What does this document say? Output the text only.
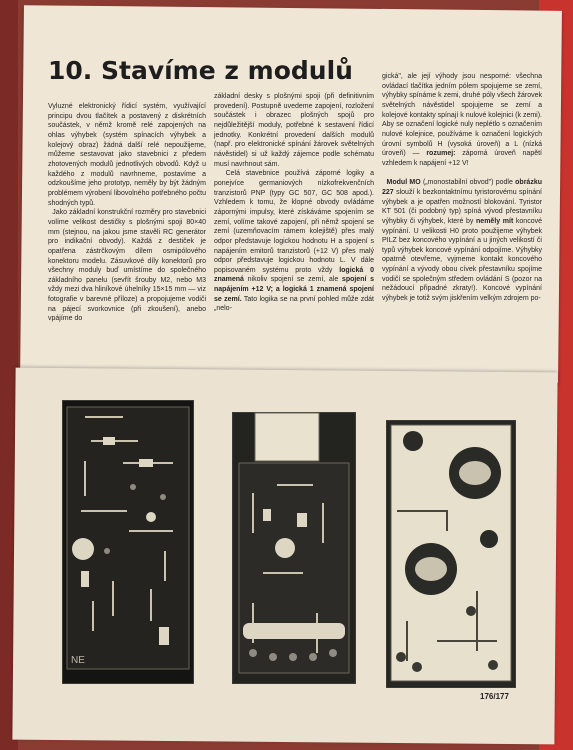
10. Stavíme z modulů

Vyluzné elektronický řídicí systém, využívající principu dvou tlačítek a postavený z diskrétních součástek, v němž kromě relé zapojených na ohlas výhybek (systém spínacích výhybek a kolejový obraz) žádná další relé nepoužijeme, můžeme sestavovat jako stavebnici z předem zhotovených modulů jednotlivých obvodů. Když u každého z modulů navrhneme, postavíme a odzkoušíme jeho prototyp, neměly by být žádným problémem výrobení libovolného potřebného počtu shodných typů.
Jako základní konstrukční rozměry pro stavebnici volíme velikost destičky s plošnými spoji 80×40 mm (stejnou, na jakou jsme stavěli RC generátor pro indikační obvody). Každá z destiček je opatřena zástrčkovým dílem osmipólového konektoru modelu. Zásuvkové díly konektorů pro všechny moduly buď umístíme do společného základního panelu (sevřít šrouby M2, nebo M3 vždy mezi dva hliníkové úhelníky 15×15 mm — viz fotografie v barevné příloze) a propojujeme vodiči na pájecí svorkovnice (při zkoušení), anebo vpájíme do

základní desky s plošnými spoji (při definitivním provedení). Postupně uvedeme zapojení, rozložení součástek i obrazec plošných spojů pro nejdůležitější moduly, potřebné k sestavení řídicí jednotky. Konkrétní provedení dalších modulů (např. pro elektronické spínání žárovek světelných návěstidel) si už každý zájemce podle schématu musí navrhnout sám.
Celá stavebnice používá záporné logiky a ponejvíce germaniových nízkofrekvenčních tranzistorů PNP (typy GC 507, GC 508 apod.). Vzhledem k tomu, že klopné obvody ovládáme zápornými impulsy, které získáváme spojením se zemí, volíme takové zapojení, při němž spojení se zemí (uzemňovacím rámem kolejiště) přes malý odpor představuje logickou hodnotu H a spojení s napájením emitorů tranzistorů (+12 V) přes malý odpor představuje logickou hodnotu L. V dále popisovaném systému proto vždy logická 0 znamená nikoliv spojení se zemí, ale spojení s napájením +12 V; a logická 1 znamená spojení se zemí. Tato logika se na první pohled může zdát „nelo-

gická", ale její výhody jsou nesporné: všechna ovládací tlačítka jedním pólem spojujeme se zemí, výhybky spínáme k zemi, druhé póly všech žárovek světelných návěstidel spojujeme se zemí a kolejové kontakty spínají k nulové kolejnici (k zemi). Aby se označení logické nuly neplétlo s označením nulové kolejnice, používáme k označení logických úrovní symbolů H (vysoká úroveň) a L (nízká úroveň) — rozumej: záporná úroveň napětí vzhledem k napájení +12 V!

Modul MO („monostabilní obvod") podle obrázku 227 slouží k bezkontaktnímu tyristorovému spínání výhybek a je opatřen možností blokování. Tyristor KT 501 (či podobný typ) spíná vývod přestavníku výhybky či výhybek, které by neměly mít koncové vypínání. U velikosti H0 proto použijeme výhybek PILZ bez koncového vypínání a u jiných velikostí či typů výhybek koncové vypínání odpojíme. Výhybky opatrně otevřeme, vyjmeme kontakt koncového vypínání a vývody obou cívek přestavníku spojíme vodičí se společným středem ovládání S (pozor na nežádoucí připadné zkraty!). Koncové vypínání výhybek je totiž svým jiskřením velkým zdrojem po-

NE
176/177
